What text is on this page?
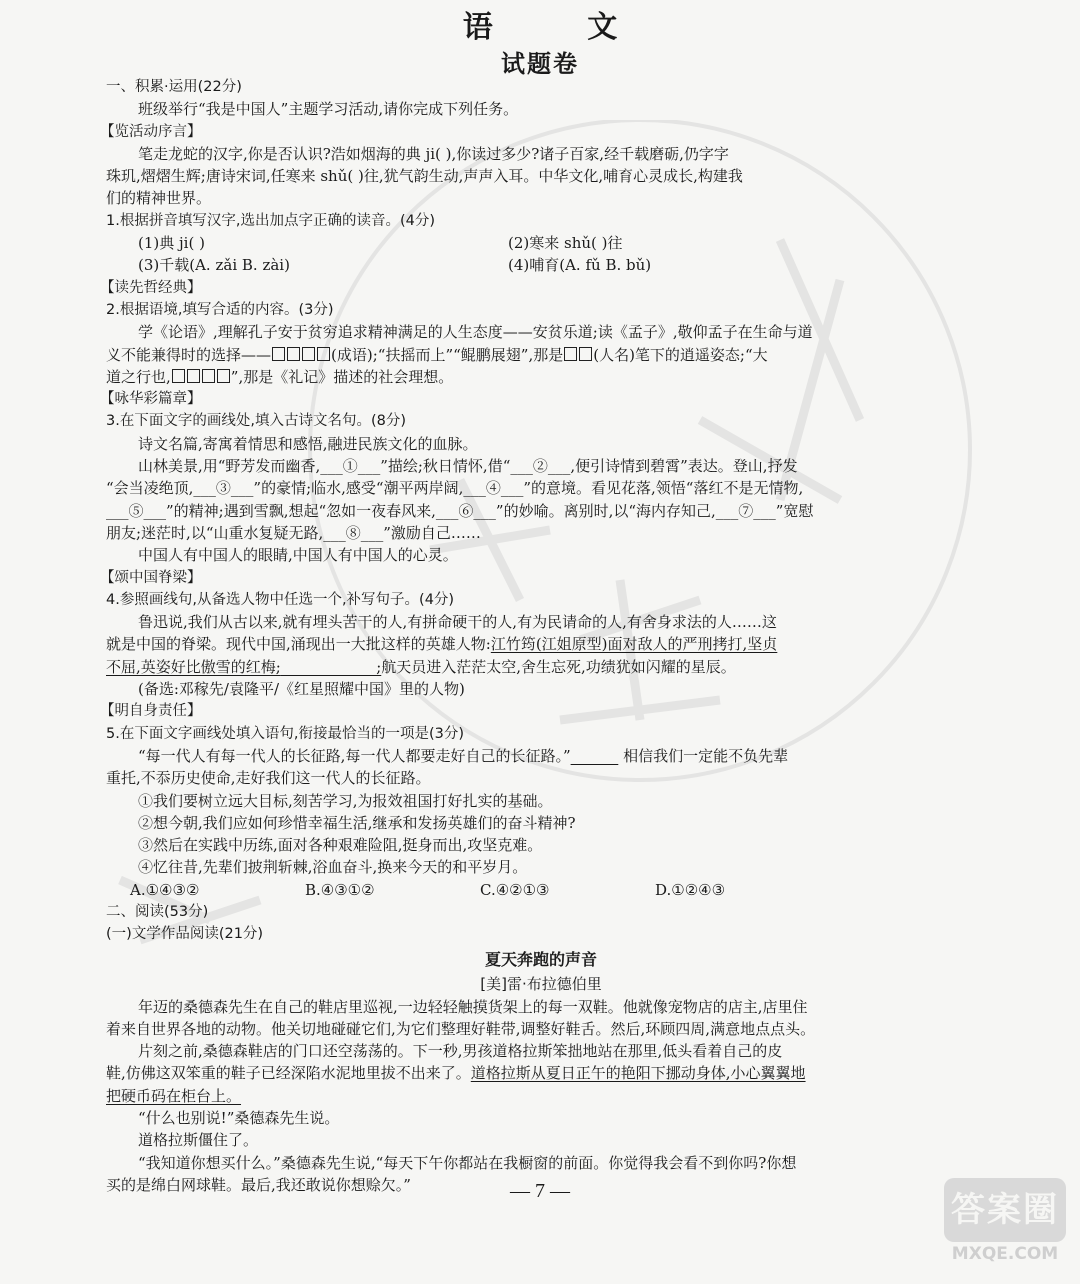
语 文
试题卷
一、积累·运用(22分)
班级举行“我是中国人”主题学习活动,请你完成下列任务。
【览活动序言】
笔走龙蛇的汉字,你是否认识?浩如烟海的典 ji( ),你读过多少?诸子百家,经千载磨砺,仍字字
珠玑,熠熠生辉;唐诗宋词,任寒来 shǔ( )往,犹气韵生动,声声入耳。中华文化,哺育心灵成长,构建我
们的精神世界。
1.根据拼音填写汉字,选出加点字正确的读音。(4分)
(1)典 ji( )	(2)寒来 shǔ( )往
(3)千载(A. zǎi B. zài)	(4)哺育(A. fǔ B. bǔ)
【读先哲经典】
2.根据语境,填写合适的内容。(3分)
学《论语》,理解孔子安于贫穷追求精神满足的人生态度——安贫乐道;读《孟子》,敬仰孟子在生命与道
义不能兼得时的选择——	(成语);“扶摇而上”“鲲鹏展翅”,那是 (人名)笔下的逍遥姿态;“大
道之行也,	”,那是《礼记》描述的社会理想。
【咏华彩篇章】
3.在下面文字的画线处,填入古诗文名句。(8分)
诗文名篇,寄寓着情思和感悟,融进民族文化的血脉。
山林美景,用“野芳发而幽香,___①___”描绘;秋日情怀,借“___②___,便引诗情到碧霄”表达。登山,抒发
“会当凌绝顶,___③___”的豪情;临水,感受“潮平两岸阔,___④___”的意境。看见花落,领悟“落红不是无情物,
___⑤___”的精神;遇到雪飘,想起“忽如一夜春风来,___⑥___”的妙喻。离别时,以“海内存知己,___⑦___”宽慰
朋友;迷茫时,以“山重水复疑无路,___⑧___”激励自己……
中国人有中国人的眼睛,中国人有中国人的心灵。
【颂中国脊梁】
4.参照画线句,从备选人物中任选一个,补写句子。(4分)
鲁迅说,我们从古以来,就有埋头苦干的人,有拼命硬干的人,有为民请命的人,有舍身求法的人……这
就是中国的脊梁。现代中国,涌现出一大批这样的英雄人物:江竹筠(江姐原型)面对敌人的严刑拷打,坚贞
不屈,英姿好比傲雪的红梅;                    ;航天员进入茫茫太空,舍生忘死,功绩犹如闪耀的星辰。
(备选:邓稼先/袁隆平/《红星照耀中国》里的人物)
【明自身责任】
5.在下面文字画线处填入语句,衔接最恰当的一项是(3分)
“每一代人有每一代人的长征路,每一代人都要走好自己的长征路。”	相信我们一定能不负先辈
重托,不忝历史使命,走好我们这一代人的长征路。
①我们要树立远大目标,刻苦学习,为报效祖国打好扎实的基础。
②想今朝,我们应如何珍惜幸福生活,继承和发扬英雄们的奋斗精神?
③然后在实践中历练,面对各种艰难险阻,挺身而出,攻坚克难。
④忆往昔,先辈们披荆斩棘,浴血奋斗,换来今天的和平岁月。
A.①④③②	B.④③①②	C.④②①③	D.①②④③
二、阅读(53分)
(一)文学作品阅读(21分)
夏天奔跑的声音
[美]雷·布拉德伯里
年迈的桑德森先生在自己的鞋店里巡视,一边轻轻触摸货架上的每一双鞋。他就像宠物店的店主,店里住
着来自世界各地的动物。他关切地碰碰它们,为它们整理好鞋带,调整好鞋舌。然后,环顾四周,满意地点点头。
片刻之前,桑德森鞋店的门口还空荡荡的。下一秒,男孩道格拉斯笨拙地站在那里,低头看着自己的皮
鞋,仿佛这双笨重的鞋子已经深陷水泥地里拔不出来了。道格拉斯从夏日正午的艳阳下挪动身体,小心翼翼地
把硬币码在柜台上。
“什么也别说!”桑德森先生说。
道格拉斯僵住了。
“我知道你想买什么。”桑德森先生说,“每天下午你都站在我橱窗的前面。你觉得我会看不到你吗?你想
买的是绵白网球鞋。最后,我还敢说你想赊欠。”	— 7 —	答案圈
MXQE.COM
